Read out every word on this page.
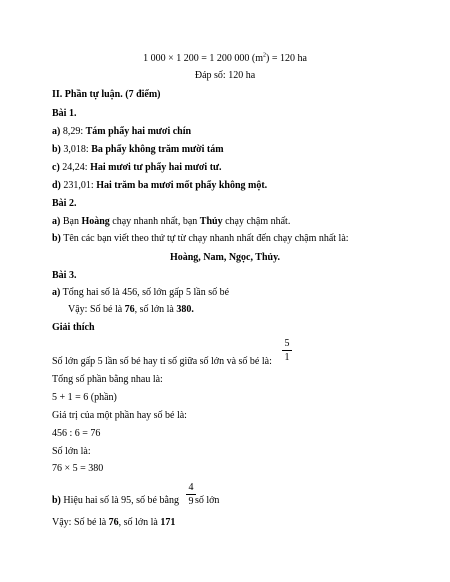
1 000 × 1 200 = 1 200 000 $(m^2) = 120$ ha
Đáp số: 120 ha
II. Phần tự luận. (7 điểm)
Bài 1.
a) 8,29: Tám phẩy hai mươi chín
b) 3,018: Ba phẩy không trăm mười tám
c) 24,24: Hai mươi tư phẩy hai mươi tư.
d) 231,01: Hai trăm ba mươi mốt phẩy không một.
Bài 2.
a) Bạn Hoàng chạy nhanh nhất, bạn Thủy chạy chậm nhất.
b) Tên các bạn viết theo thứ tự từ chạy nhanh nhất đến chạy chậm nhất là:
Hoàng, Nam, Ngọc, Thủy.
Bài 3.
a) Tổng hai số là 456, số lớn gấp 5 lần số bé
Vậy: Số bé là 76, số lớn là 380.
Giải thích
Số lớn gấp 5 lần số bé hay tỉ số giữa số lớn và số bé là:
5
1
Tổng số phần bằng nhau là:
5 + 1 = 6 (phần)
Giá trị của một phần hay số bé là:
456 : 6 = 76
Số lớn là:
76 × 5 = 380
b) Hiệu hai số là 95, số bé bằng số lớn
4
9
Vậy: Số bé là 76, số lớn là 171
